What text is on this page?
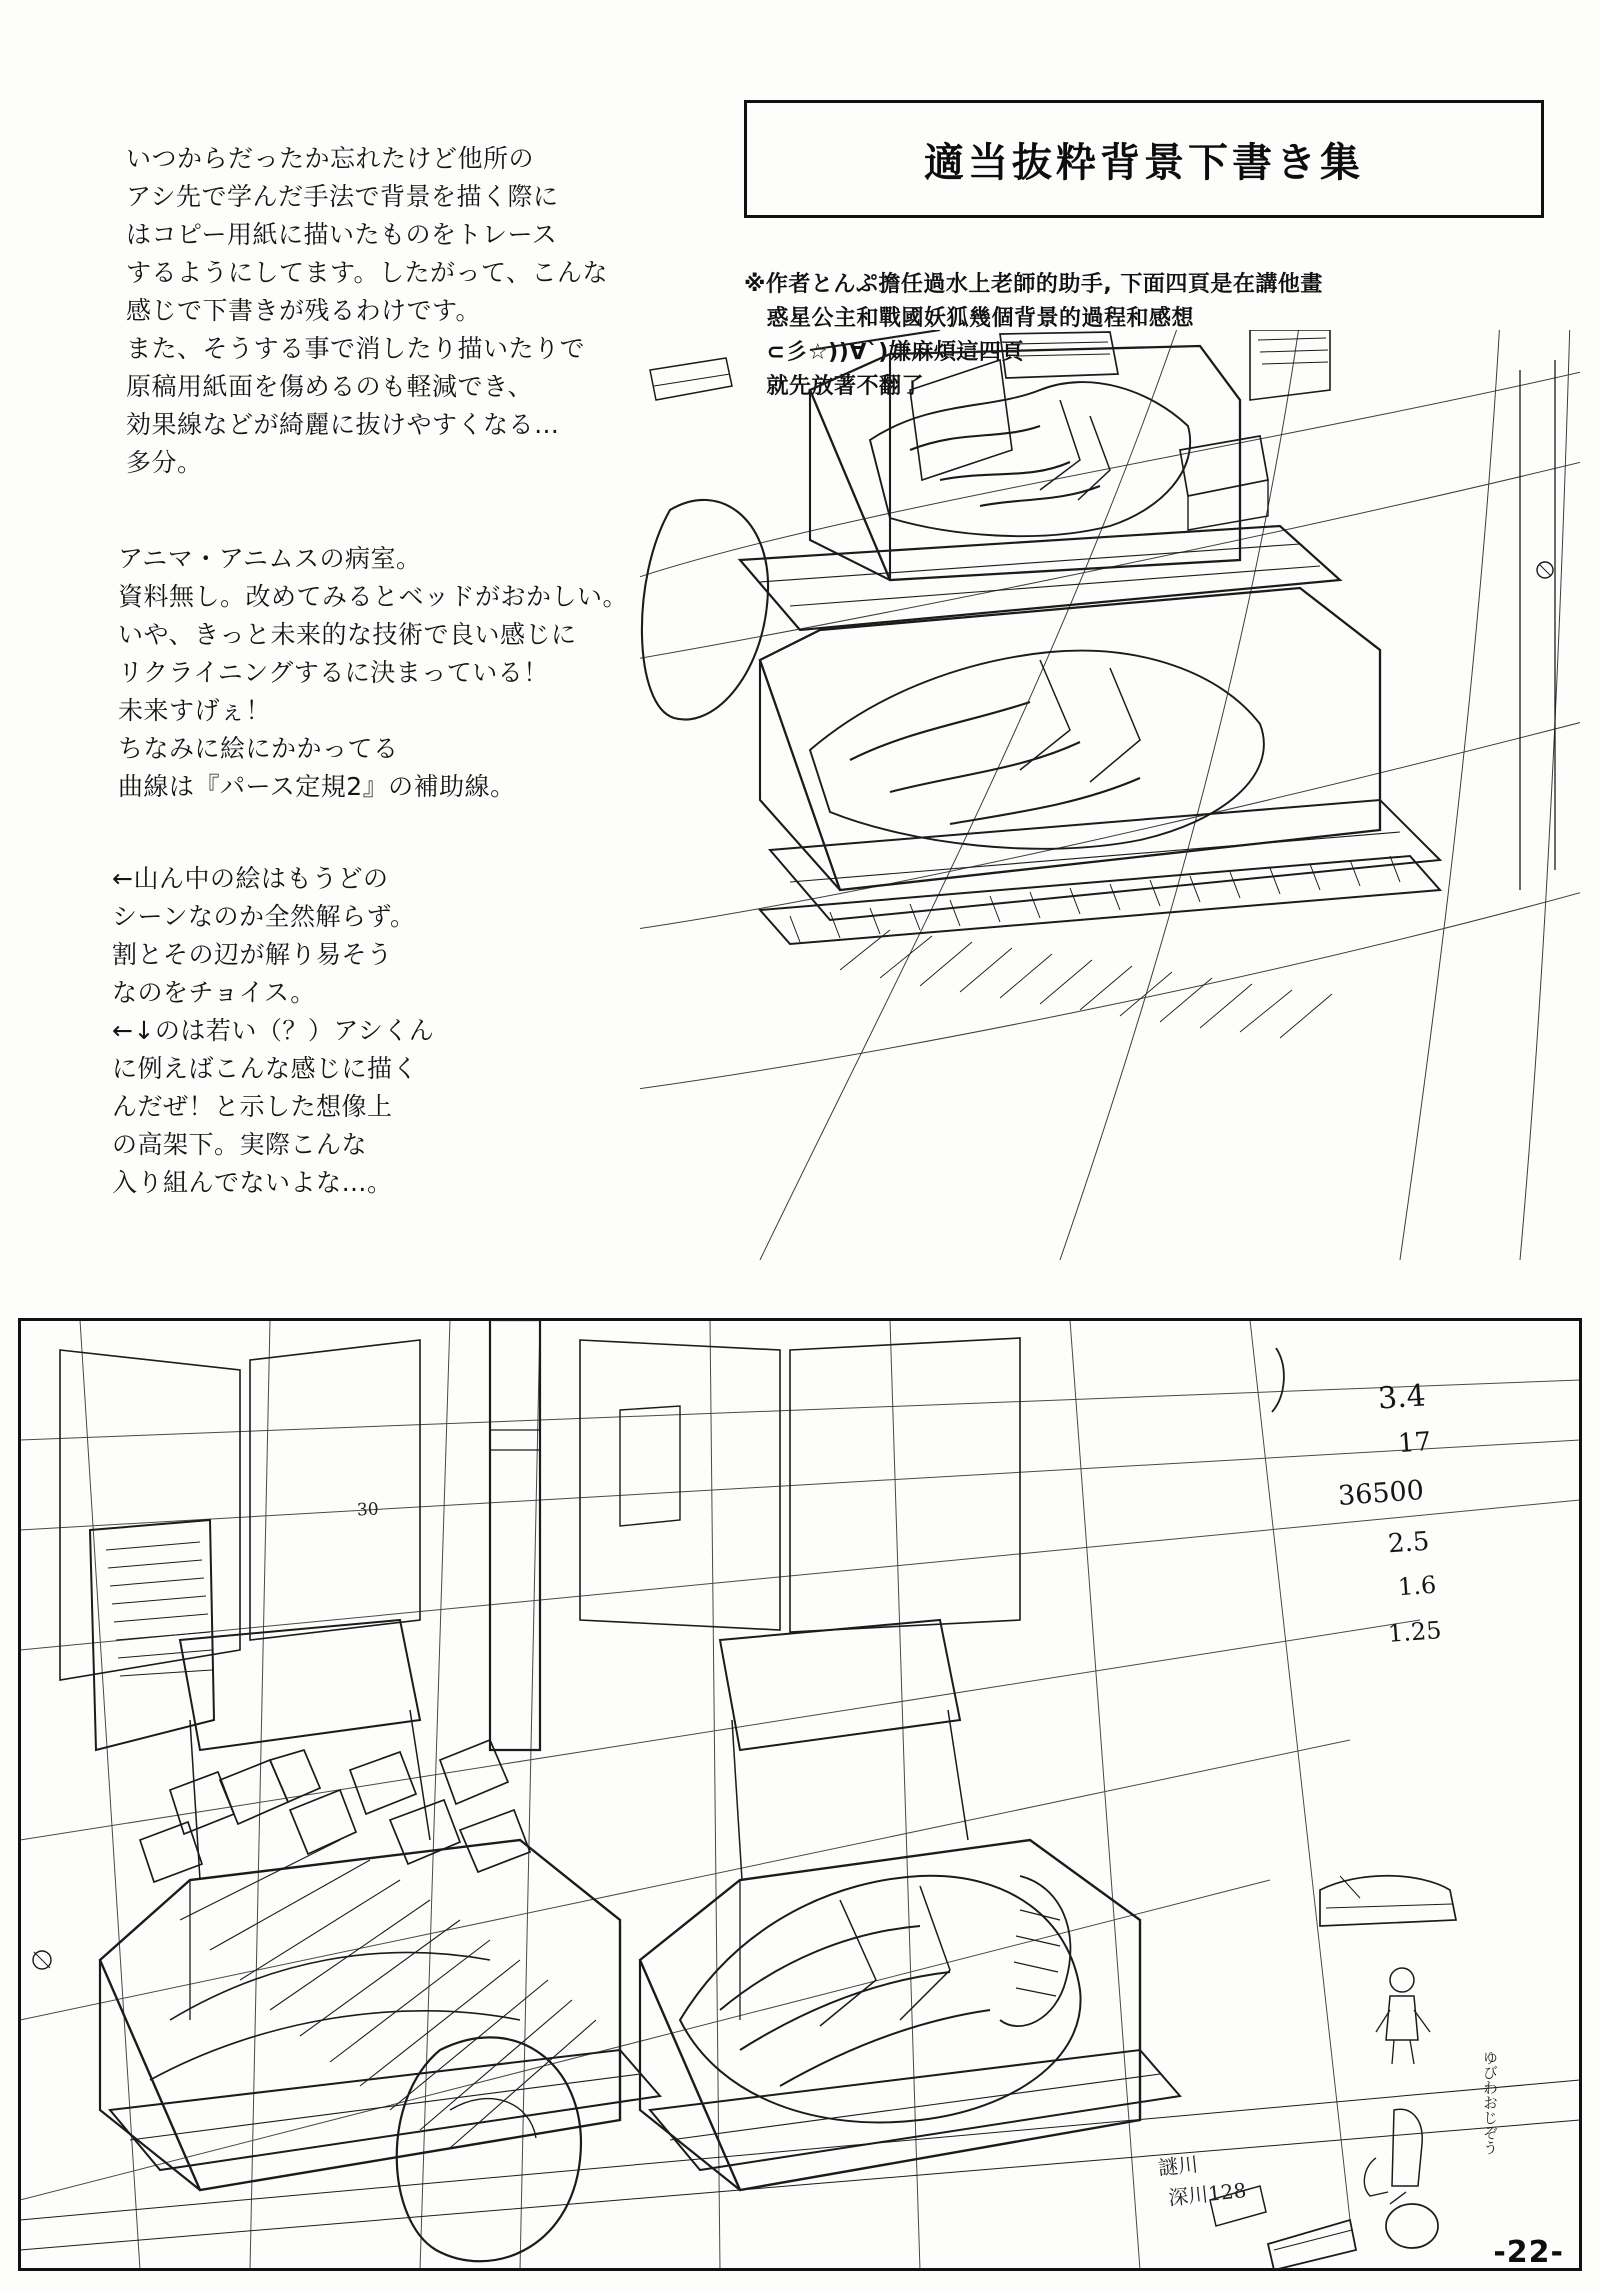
適当抜粋背景下書き集
※作者とんぷ擔任過水上老師的助手, 下面四頁是在講他畫
　惑星公主和戰國妖狐幾個背景的過程和感想
　⊂彡☆))∀`)嫌麻煩這四頁
　就先放著不翻了
いつからだったか忘れたけど他所の
アシ先で学んだ手法で背景を描く際に
はコピー用紙に描いたものをトレース
するようにしてます。したがって、こんな
感じで下書きが残るわけです。
また、そうする事で消したり描いたりで
原稿用紙面を傷めるのも軽減でき、
効果線などが綺麗に抜けやすくなる…
多分。
アニマ・アニムスの病室。
資料無し。改めてみるとベッドがおかしい。
いや、きっと未来的な技術で良い感じに
リクライニングするに決まっている！
未来すげぇ！
ちなみに絵にかかってる
曲線は『パース定規2』の補助線。
←山ん中の絵はもうどの
シーンなのか全然解らず。
割とその辺が解り易そう
なのをチョイス。
←↓のは若い（？）アシくん
に例えばこんな感じに描く
んだぜ！と示した想像上
の高架下。実際こんな
入り組んでないよな…。
3.4
17
36500
2.5
1.6
1.25
30
謎川
深川128
ゆびわおじぞう
-22-
